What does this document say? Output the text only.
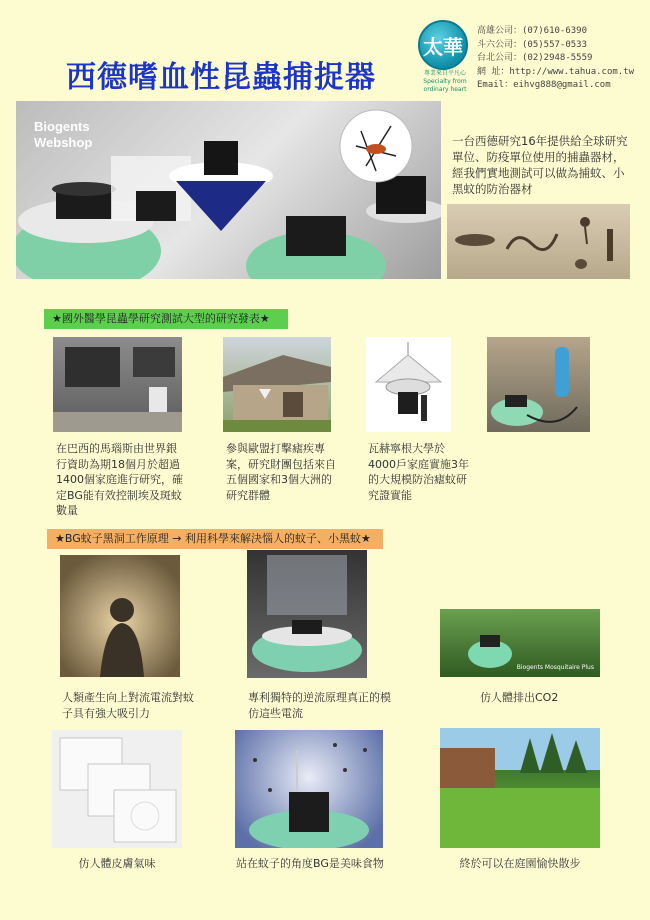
西德嗜血性昆蟲捕捉器
太華
專業來自平凡心
Specialty from ordinary heart
高雄公司：(07)610-6390
斗六公司：(05)557-0533
台北公司：(02)2948-5559
網 址：http://www.tahua.com.tw
Email：eihvg888@gmail.com
Biogents
Webshop	一台西德研究16年提供給全球研究單位、防疫單位使用的捕蟲器材，經我們實地測試可以做為捕蚊、小黑蚊的防治器材
★國外醫學昆蟲學研究測試大型的研究發表★
在巴西的馬瑙斯由世界銀行資助為期18個月於超過1400個家庭進行研究，確定BG能有效控制埃及斑蚊數量
參與歐盟打擊瘧疾專案，研究財團包括來自五個國家和3個大洲的研究群體
瓦赫寧根大學於4000戶家庭實施3年的大規模防治瘧蚊研究證實能
★BG蚊子黑洞工作原理 → 利用科學來解決惱人的蚊子、小黑蚊★
Biogents Mosquitaire Plus
人類產生向上對流電流對蚊子具有強大吸引力
專利獨特的逆流原理真正的模仿這些電流
仿人體排出CO2
仿人體皮膚氣味	站在蚊子的角度BG是美味食物	終於可以在庭園愉快散步
